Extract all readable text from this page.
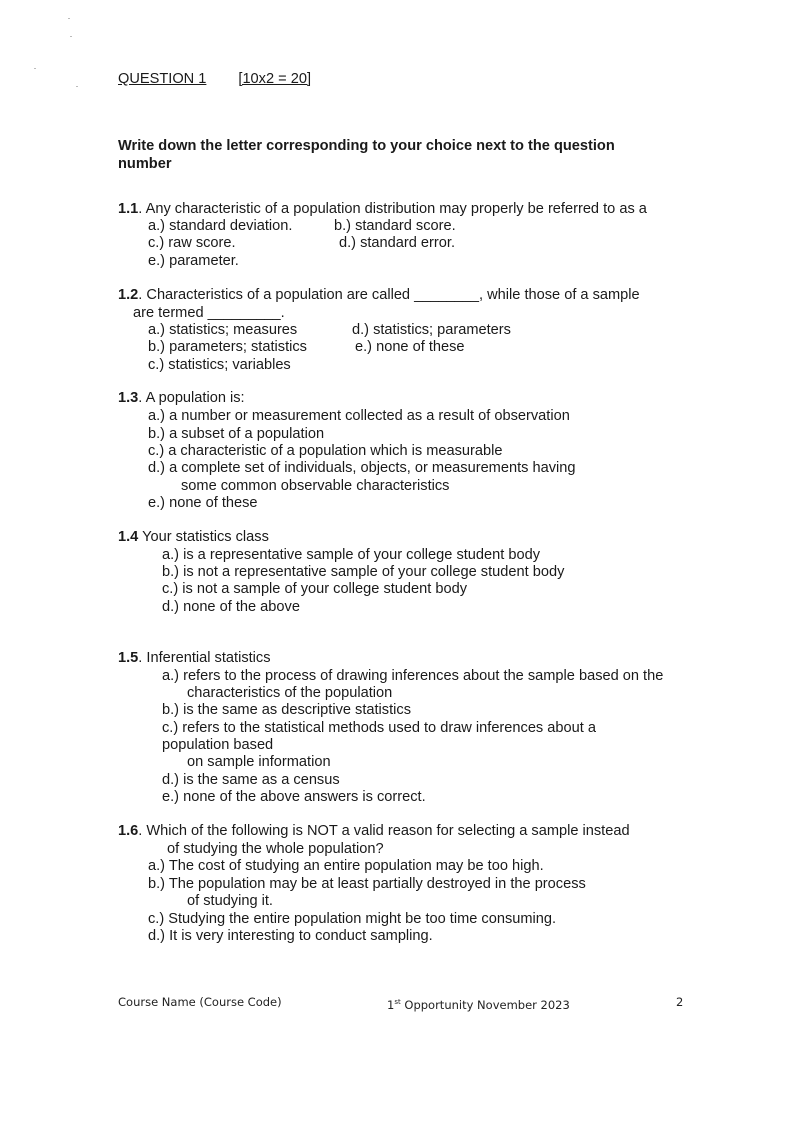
QUESTION 1 [10x2 = 20]
Write down the letter corresponding to your choice next to the question
number
1.1. Any characteristic of a population distribution may properly be referred to as a
a.) standard deviation.	b.) standard score.
c.) raw score.	d.) standard error.
e.) parameter.
1.2. Characteristics of a population are called ________, while those of a sample
are termed _________.
a.) statistics; measures	d.) statistics; parameters
b.) parameters; statistics	e.) none of these
c.) statistics; variables
1.3. A population is:
a.) a number or measurement collected as a result of observation
b.) a subset of a population
c.) a characteristic of a population which is measurable
d.) a complete set of individuals, objects, or measurements having
some common observable characteristics
e.) none of these
1.4 Your statistics class
a.) is a representative sample of your college student body
b.) is not a representative sample of your college student body
c.) is not a sample of your college student body
d.) none of the above
1.5. Inferential statistics
a.) refers to the process of drawing inferences about the sample based on the
characteristics of the population
b.) is the same as descriptive statistics
c.) refers to the statistical methods used to draw inferences about a
population based
on sample information
d.) is the same as a census
e.) none of the above answers is correct.
1.6. Which of the following is NOT a valid reason for selecting a sample instead
of studying the whole population?
a.) The cost of studying an entire population may be too high.
b.) The population may be at least partially destroyed in the process
of studying it.
c.) Studying the entire population might be too time consuming.
d.) It is very interesting to conduct sampling.
Course Name (Course Code)	1st Opportunity November 2023	2
